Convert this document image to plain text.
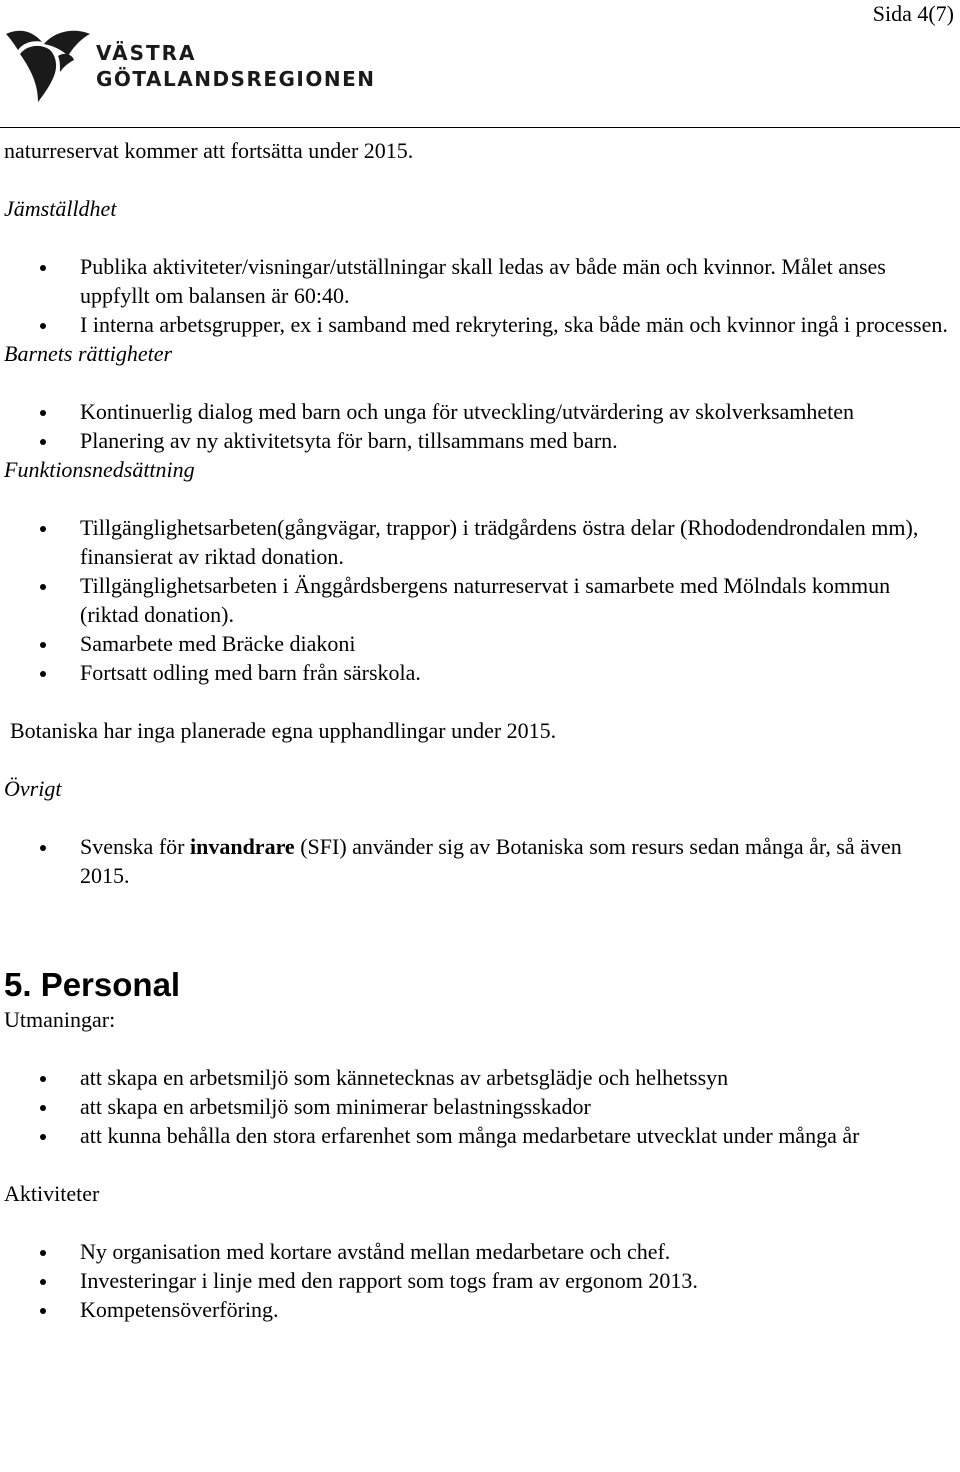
Sida 4(7)
VÄSTRA
GÖTALANDSREGIONEN

naturreservat kommer att fortsätta under 2015.

Jämställdhet

Publika aktiviteter/visningar/utställningar skall ledas av både män och kvinnor. Målet anses uppfyllt om balansen är 60:40.
I interna arbetsgrupper, ex i samband med rekrytering, ska både män och kvinnor ingå i processen.

Barnets rättigheter

Kontinuerlig dialog med barn och unga för utveckling/utvärdering av skolverksamheten
Planering av ny aktivitetsyta för barn, tillsammans med barn.

Funktionsnedsättning

Tillgänglighetsarbeten(gångvägar, trappor) i trädgårdens östra delar (Rhododendrondalen mm), finansierat av riktad donation.
Tillgänglighetsarbeten i Änggårdsbergens naturreservat i samarbete med Mölndals kommun (riktad donation).
Samarbete med Bräcke diakoni
Fortsatt odling med barn från särskola.

Botaniska har inga planerade egna upphandlingar under 2015.

Övrigt

Svenska för invandrare (SFI) använder sig av Botaniska som resurs sedan många år, så även 2015.

5. Personal

Utmaningar:

att skapa en arbetsmiljö som kännetecknas av arbetsglädje och helhetssyn
att skapa en arbetsmiljö som minimerar belastningsskador
att kunna behålla den stora erfarenhet som många medarbetare utvecklat under många år

Aktiviteter

Ny organisation med kortare avstånd mellan medarbetare och chef.
Investeringar i linje med den rapport som togs fram av ergonom 2013.
Kompetensöverföring.
